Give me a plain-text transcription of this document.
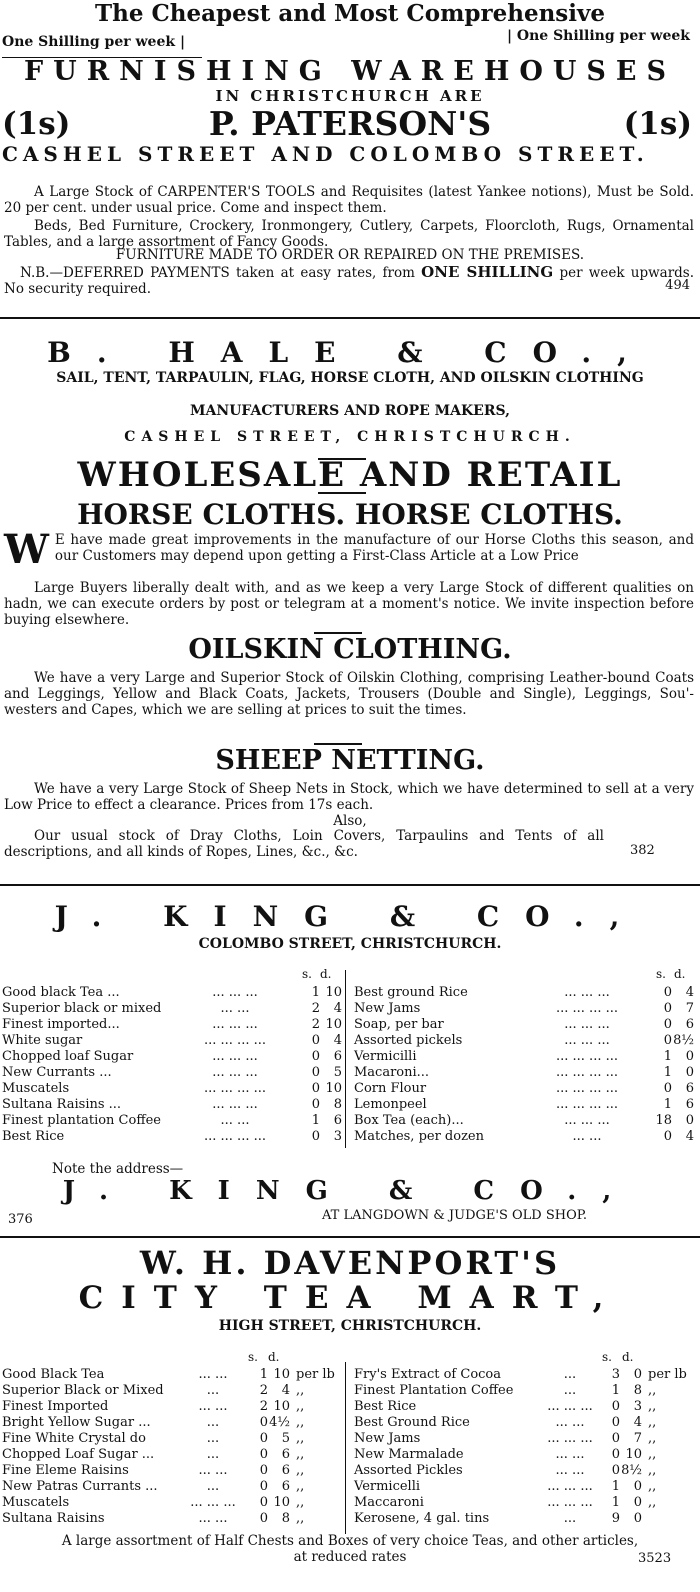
The Cheapest and Most Comprehensive
One Shilling per week |	| One Shilling per week
FURNISHING WAREHOUSES
IN CHRISTCHURCH ARE
(1s)	P. PATERSON'S	(1s)
CASHEL STREET AND COLOMBO STREET.

A Large Stock of CARPENTER'S TOOLS and Requisites (latest Yankee notions), Must be Sold. 20 per cent. under usual price. Come and inspect them.

Beds, Bed Furniture, Crockery, Ironmongery, Cutlery, Carpets, Floorcloth, Rugs, Ornamental Tables, and a large assortment of Fancy Goods.

FURNITURE MADE TO ORDER OR REPAIRED ON THE PREMISES.

N.B.—DEFERRED PAYMENTS taken at easy rates, from ONE SHILLING per week upwards. No security required.	494
B. HALE & CO.,
SAIL, TENT, TARPAULIN, FLAG, HORSE CLOTH, AND OILSKIN CLOTHING
MANUFACTURERS AND ROPE MAKERS,
CASHEL STREET, CHRISTCHURCH.
WHOLESALE AND RETAIL
HORSE CLOTHS. HORSE CLOTHS.
W E have made great improvements in the manufacture of our Horse Cloths this season, and our Customers may depend upon getting a First-Class Article at a Low Price

Large Buyers liberally dealt with, and as we keep a very Large Stock of different qualities on hadn, we can execute orders by post or telegram at a moment's notice. We invite inspection before buying elsewhere.

OILSKIN CLOTHING.

We have a very Large and Superior Stock of Oilskin Clothing, comprising Leather-bound Coats and Leggings, Yellow and Black Coats, Jackets, Trousers (Double and Single), Leggings, Sou'-westers and Capes, which we are selling at prices to suit the times.

SHEEP NETTING.

We have a very Large Stock of Sheep Nets in Stock, which we have determined to sell at a very Low Price to effect a clearance. Prices from 17s each.

Also,

Our usual stock of Dray Cloths, Loin Covers, Tarpaulins and Tents of all descriptions, and all kinds of Ropes, Lines, &c., &c.	382
J. KING & CO.,
COLOMBO STREET, CHRISTCHURCH.
s. d.	s. d.
Good black Tea ...	... ... ...	1	10
Superior black or mixed	... ...	2	4
Finest imported...	... ... ...	2	10
White sugar	... ... ... ...	0	4
Chopped loaf Sugar	... ... ...	0	6
New Currants ...	... ... ...	0	5
Muscatels	... ... ... ...	0	10
Sultana Raisins ...	... ... ...	0	8
Finest plantation Coffee	... ...	1	6
Best Rice	... ... ... ...	0	3
Best ground Rice	... ... ...	0	4
New Jams	... ... ... ...	0	7
Soap, per bar	... ... ...	0	6
Assorted pickels	... ... ...	0	8½
Vermicilli	... ... ... ...	1	0
Macaroni...	... ... ... ...	1	0
Corn Flour	... ... ... ...	0	6
Lemonpeel	... ... ... ...	1	6
Box Tea (each)...	... ... ...	18	0
Matches, per dozen	... ...	0	4
Note the address—
J. KING & CO.,
376	AT LANGDOWN & JUDGE'S OLD SHOP.
W. H. DAVENPORT'S
CITY TEA MART,
HIGH STREET, CHRISTCHURCH.
s. d.	s. d.
Good Black Tea	... ...	1	10	per lb
Superior Black or Mixed	...	2	4	,,
Finest Imported	... ...	2	10	,,
Bright Yellow Sugar ...	...	0	4½	,,
Fine White Crystal do	...	0	5	,,
Chopped Loaf Sugar ...	...	0	6	,,
Fine Eleme Raisins	... ...	0	6	,,
New Patras Currants ...	...	0	6	,,
Muscatels	... ... ...	0	10	,,
Sultana Raisins	... ...	0	8	,,
Fry's Extract of Cocoa	...	3	0	per lb
Finest Plantation Coffee	...	1	8	,,
Best Rice	... ... ...	0	3	,,
Best Ground Rice	... ...	0	4	,,
New Jams	... ... ...	0	7	,,
New Marmalade	... ...	0	10	,,
Assorted Pickles	... ...	0	8½	,,
Vermicelli	... ... ...	1	0	,,
Maccaroni	... ... ...	1	0	,,
Kerosene, 4 gal. tins	...	9	0	
A large assortment of Half Chests and Boxes of very choice Teas, and other articles,
at reduced rates	3523
